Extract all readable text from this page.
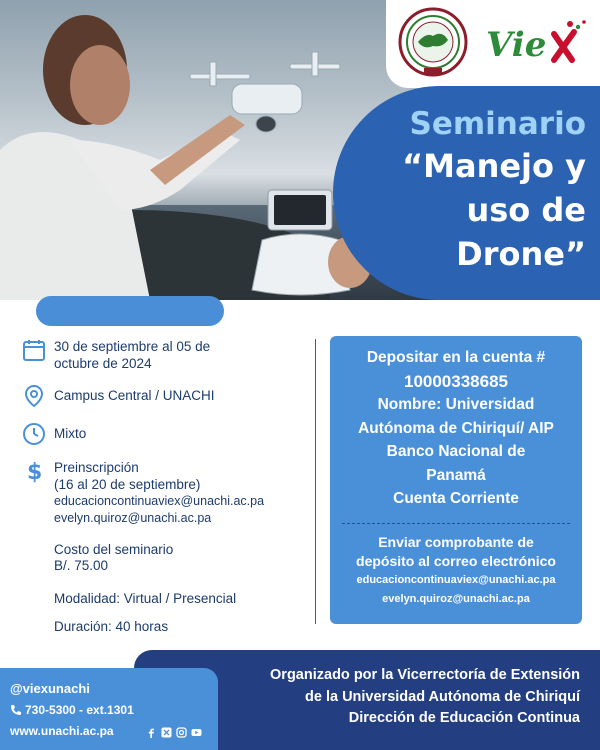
Vie
Seminario
“Manejo y
uso de
Drone”
30 de septiembre al 05 de
octubre de 2024
Campus Central / UNACHI
Mixto
$ Preinscripción
(16 al 20 de septiembre)
educacioncontinuaviex@unachi.ac.pa
evelyn.quiroz@unachi.ac.pa
Costo del seminario
B/. 75.00
Modalidad: Virtual / Presencial
Duración: 40 horas
Depositar en la cuenta #
10000338685
Nombre: Universidad
Autónoma de Chiriquí/ AIP
Banco Nacional de
Panamá
Cuenta Corriente
Enviar comprobante de
depósito al correo electrónico
educacioncontinuaviex@unachi.ac.pa
evelyn.quiroz@unachi.ac.pa
Organizado por la Vicerrectoría de Extensión
de la Universidad Autónoma de Chiriquí
Dirección de Educación Continua
@viexunachi
730-5300 - ext.1301
www.unachi.ac.pa
